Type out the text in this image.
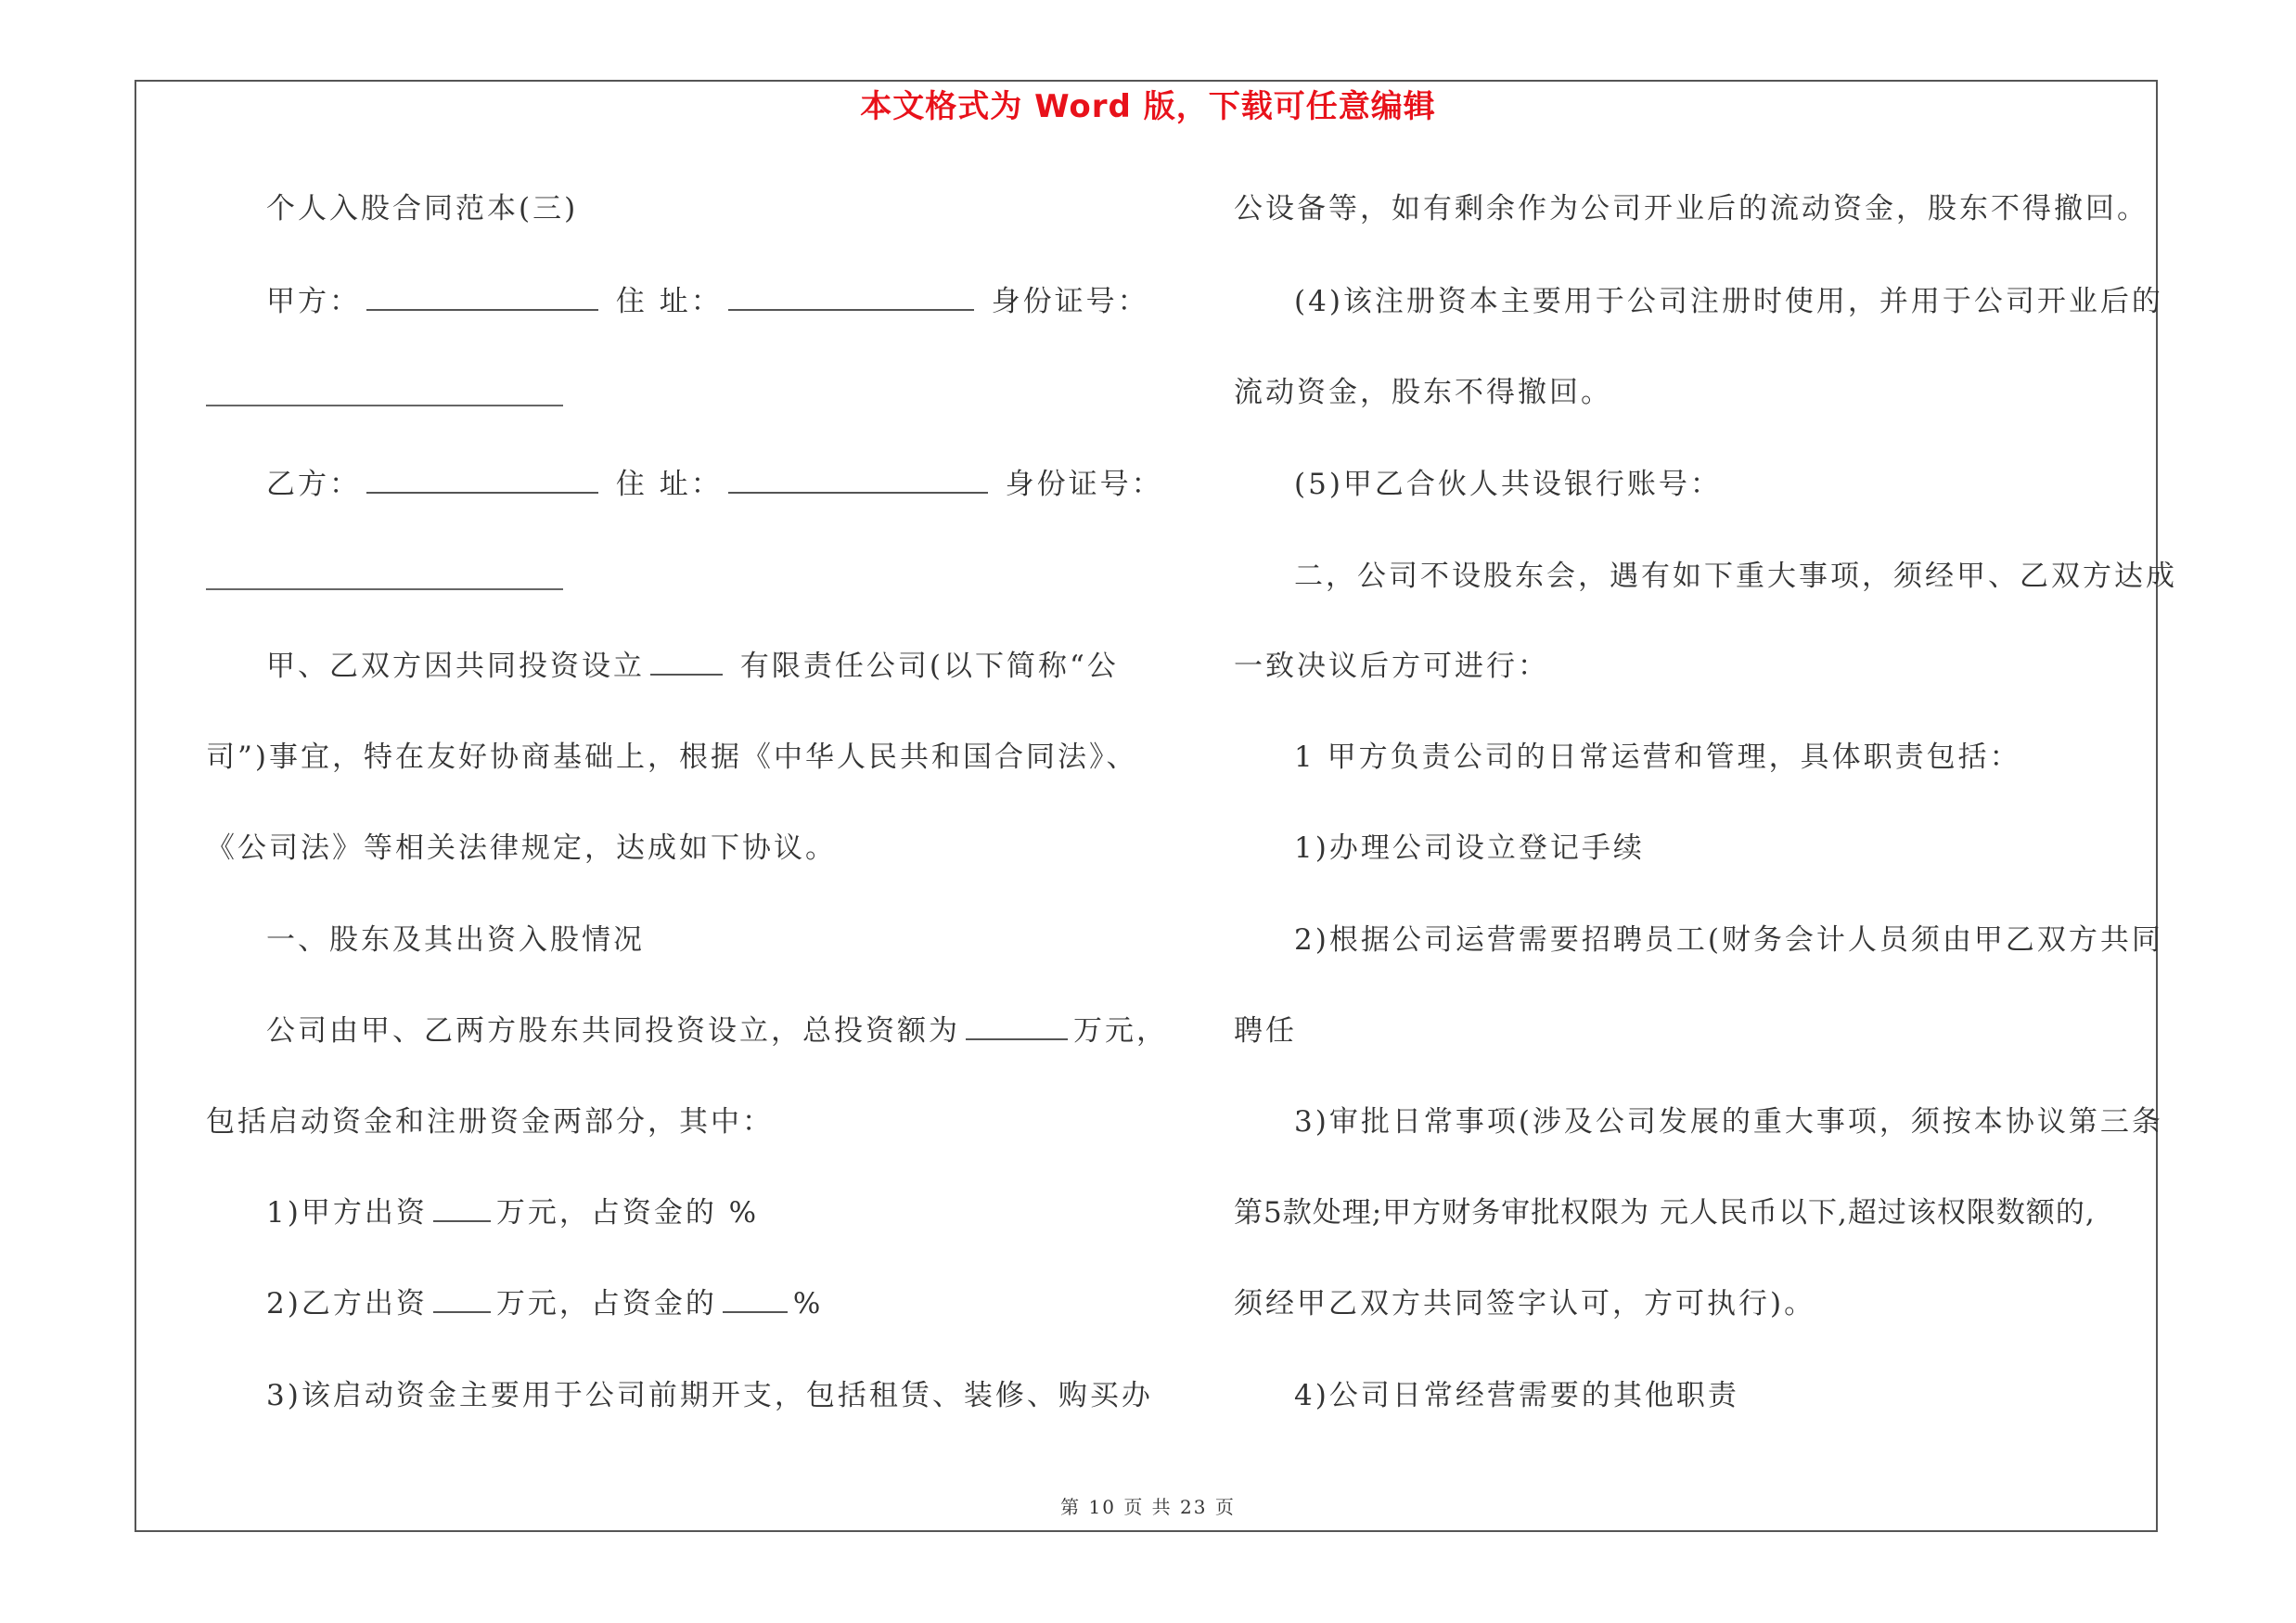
本文格式为 Word 版，下载可任意编辑
个人入股合同范本(三)
甲方：	住 址：	身份证号：
乙方：	住 址：	身份证号：
甲、乙双方因共同投资设立	有限责任公司(以下简称“公
司”)事宜，特在友好协商基础上，根据《中华人民共和国合同法》、
《公司法》等相关法律规定，达成如下协议。
一、股东及其出资入股情况
公司由甲、乙两方股东共同投资设立，总投资额为	万元，
包括启动资金和注册资金两部分，其中：
1)甲方出资 万元，占资金的 %
2)乙方出资 万元，占资金的	%
3)该启动资金主要用于公司前期开支，包括租赁、装修、购买办
公设备等，如有剩余作为公司开业后的流动资金，股东不得撤回。
(4)该注册资本主要用于公司注册时使用，并用于公司开业后的
流动资金，股东不得撤回。
(5)甲乙合伙人共设银行账号：
二，公司不设股东会，遇有如下重大事项，须经甲、乙双方达成
一致决议后方可进行：
1 甲方负责公司的日常运营和管理，具体职责包括：
1)办理公司设立登记手续
2)根据公司运营需要招聘员工(财务会计人员须由甲乙双方共同
聘任
3)审批日常事项(涉及公司发展的重大事项，须按本协议第三条
第5款处理;甲方财务审批权限为 元人民币以下,超过该权限数额的,
须经甲乙双方共同签字认可，方可执行)。
4)公司日常经营需要的其他职责
第 10 页 共 23 页
